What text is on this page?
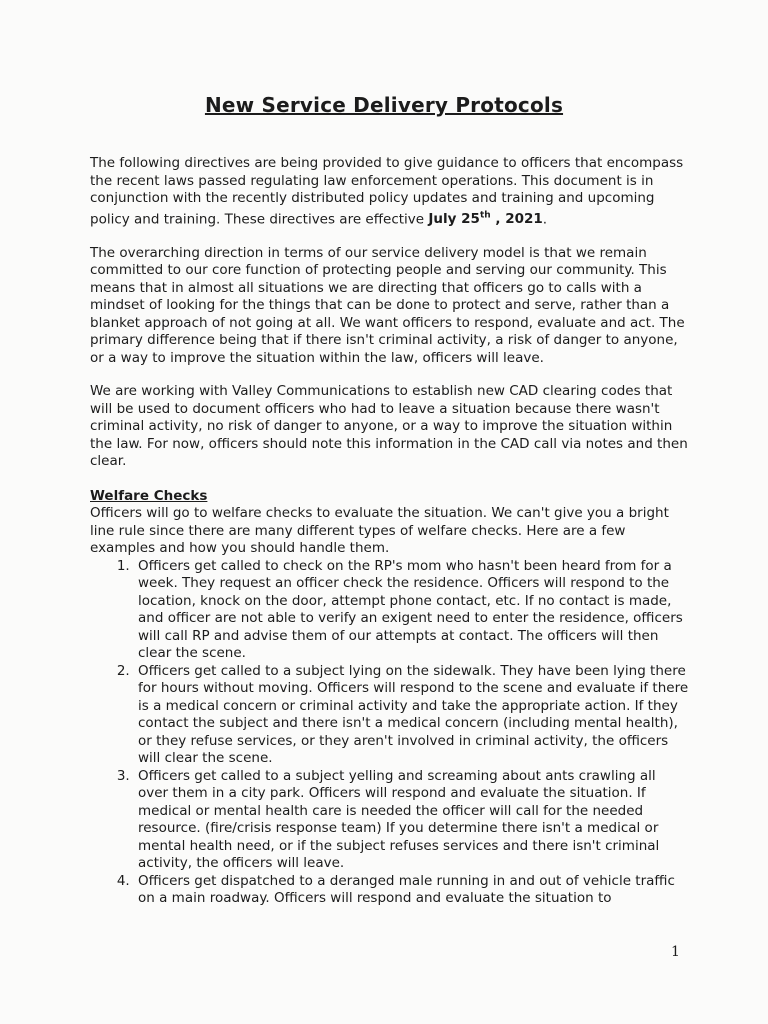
New Service Delivery Protocols

The following directives are being provided to give guidance to officers that encompass the recent laws passed regulating law enforcement operations. This document is in conjunction with the recently distributed policy updates and training and upcoming policy and training. These directives are effective July 25th , 2021.

The overarching direction in terms of our service delivery model is that we remain committed to our core function of protecting people and serving our community. This means that in almost all situations we are directing that officers go to calls with a mindset of looking for the things that can be done to protect and serve, rather than a blanket approach of not going at all. We want officers to respond, evaluate and act. The primary difference being that if there isn't criminal activity, a risk of danger to anyone, or a way to improve the situation within the law, officers will leave.

We are working with Valley Communications to establish new CAD clearing codes that will be used to document officers who had to leave a situation because there wasn't criminal activity, no risk of danger to anyone, or a way to improve the situation within the law. For now, officers should note this information in the CAD call via notes and then clear.

Welfare Checks

Officers will go to welfare checks to evaluate the situation. We can't give you a bright line rule since there are many different types of welfare checks. Here are a few examples and how you should handle them.

1. Officers get called to check on the RP's mom who hasn't been heard from for a week. They request an officer check the residence. Officers will respond to the location, knock on the door, attempt phone contact, etc. If no contact is made, and officer are not able to verify an exigent need to enter the residence, officers will call RP and advise them of our attempts at contact. The officers will then clear the scene.
2. Officers get called to a subject lying on the sidewalk. They have been lying there for hours without moving. Officers will respond to the scene and evaluate if there is a medical concern or criminal activity and take the appropriate action. If they contact the subject and there isn't a medical concern (including mental health), or they refuse services, or they aren't involved in criminal activity, the officers will clear the scene.
3. Officers get called to a subject yelling and screaming about ants crawling all over them in a city park. Officers will respond and evaluate the situation. If medical or mental health care is needed the officer will call for the needed resource. (fire/crisis response team) If you determine there isn't a medical or mental health need, or if the subject refuses services and there isn't criminal activity, the officers will leave.
4. Officers get dispatched to a deranged male running in and out of vehicle traffic on a main roadway. Officers will respond and evaluate the situation to
1
